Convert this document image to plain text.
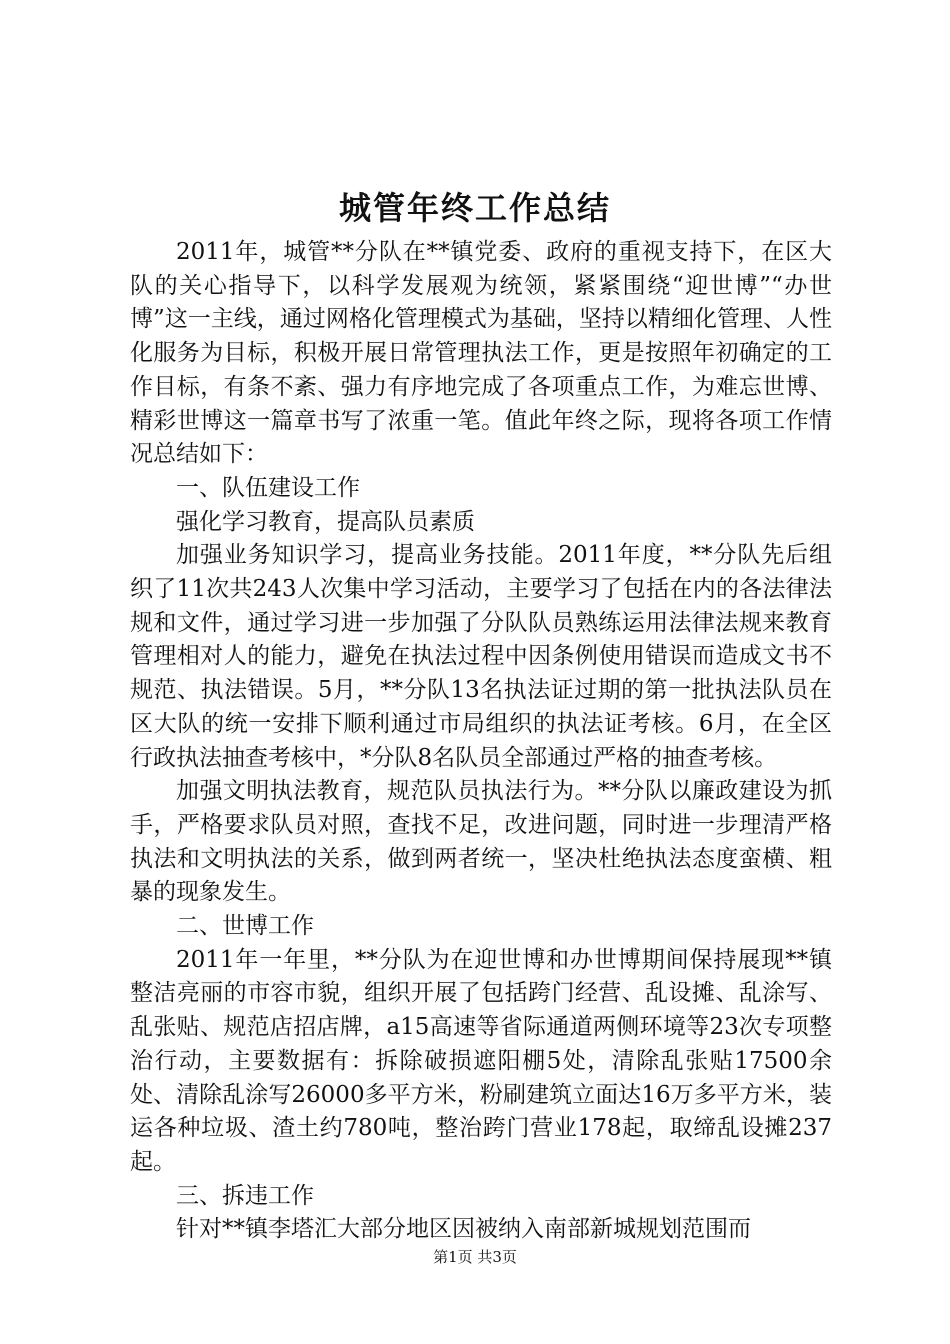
城管年终工作总结

2011年，城管**分队在**镇党委、政府的重视支持下，在区大队的关心指导下，以科学发展观为统领，紧紧围绕“迎世博”“办世博”这一主线，通过网格化管理模式为基础，坚持以精细化管理、人性化服务为目标，积极开展日常管理执法工作，更是按照年初确定的工作目标，有条不紊、强力有序地完成了各项重点工作，为难忘世博、精彩世博这一篇章书写了浓重一笔。值此年终之际，现将各项工作情况总结如下：

一、队伍建设工作

强化学习教育，提高队员素质

加强业务知识学习，提高业务技能。2011年度，**分队先后组织了11次共243人次集中学习活动，主要学习了包括在内的各法律法规和文件，通过学习进一步加强了分队队员熟练运用法律法规来教育管理相对人的能力，避免在执法过程中因条例使用错误而造成文书不规范、执法错误。5月，**分队13名执法证过期的第一批执法队员在区大队的统一安排下顺利通过市局组织的执法证考核。6月，在全区行政执法抽查考核中，*分队8名队员全部通过严格的抽查考核。

加强文明执法教育，规范队员执法行为。**分队以廉政建设为抓手，严格要求队员对照，查找不足，改进问题，同时进一步理清严格执法和文明执法的关系，做到两者统一，坚决杜绝执法态度蛮横、粗暴的现象发生。

二、世博工作

2011年一年里，**分队为在迎世博和办世博期间保持展现**镇整洁亮丽的市容市貌，组织开展了包括跨门经营、乱设摊、乱涂写、乱张贴、规范店招店牌，a15高速等省际通道两侧环境等23次专项整治行动，主要数据有：拆除破损遮阳棚5处，清除乱张贴17500余处、清除乱涂写26000多平方米，粉刷建筑立面达16万多平方米，装运各种垃圾、渣土约780吨，整治跨门营业178起，取缔乱设摊237起。

三、拆违工作

针对**镇李塔汇大部分地区因被纳入南部新城规划范围而

第1页 共3页
